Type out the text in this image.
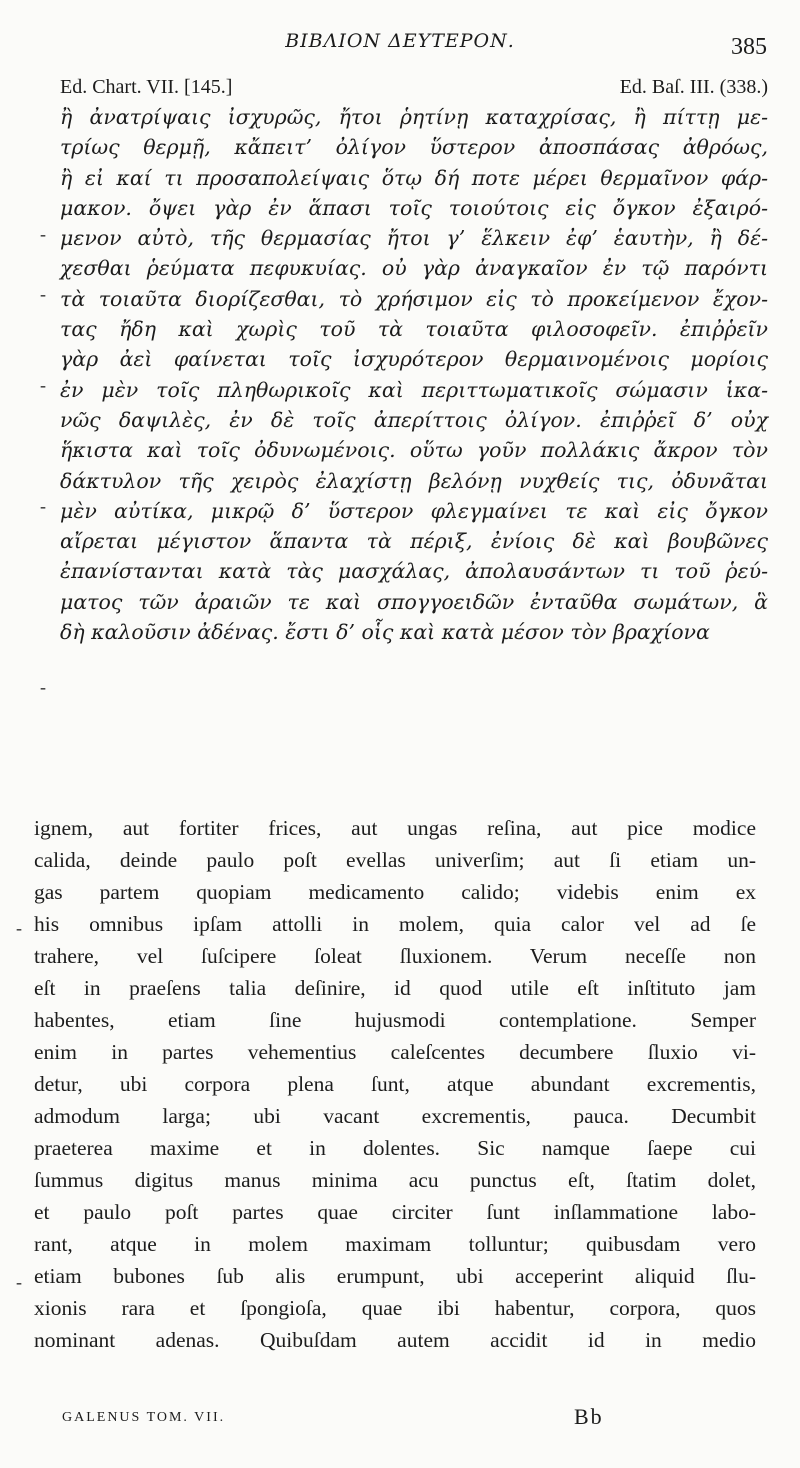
ΒΙΒΛΙΟΝ ΔΕΥΤΕΡΟΝ.	385
Ed. Chart. VII. [145.]	Ed. Baſ. III. (338.)
ἢ ἀνατρίψαις ἰσχυρῶς, ἤτοι ῥητίνῃ καταχρίσας, ἢ πίττῃ με-
τρίως θερμῇ, κἄπειτ’ ὀλίγον ὕστερον ἀποσπάσας ἀθρόως,
ἢ εἰ καί τι προσαπολείψαις ὅτῳ δή ποτε μέρει θερμαῖνον φάρ-
μακον. ὄψει γὰρ ἐν ἅπασι τοῖς τοιούτοις εἰς ὄγκον ἐξαιρό-
μενον αὐτὸ, τῆς θερμασίας ἤτοι γ’ ἕλκειν ἐφ’ ἑαυτὴν, ἢ δέ-
χεσθαι ῥεύματα πεφυκυίας. οὐ γὰρ ἀναγκαῖον ἐν τῷ παρόντι
τὰ τοιαῦτα διορίζεσθαι, τὸ χρήσιμον εἰς τὸ προκείμενον ἔχον-
τας ἤδη καὶ χωρὶς τοῦ τὰ τοιαῦτα φιλοσοφεῖν. ἐπιῤῥεῖν
γὰρ ἀεὶ φαίνεται τοῖς ἰσχυρότερον θερμαινομένοις μορίοις
ἐν μὲν τοῖς πληθωρικοῖς καὶ περιττωματικοῖς σώμασιν ἱκα-
νῶς δαψιλὲς, ἐν δὲ τοῖς ἀπερίττοις ὀλίγον. ἐπιῤῥεῖ δ’ οὐχ
ἥκιστα καὶ τοῖς ὀδυνωμένοις. οὕτω γοῦν πολλάκις ἄκρον τὸν
δάκτυλον τῆς χειρὸς ἐλαχίστῃ βελόνῃ νυχθείς τις, ὀδυνᾶται
μὲν αὐτίκα, μικρῷ δ’ ὕστερον φλεγμαίνει τε καὶ εἰς ὄγκον
αἴρεται μέγιστον ἅπαντα τὰ πέριξ, ἐνίοις δὲ καὶ βουβῶνες
ἐπανίστανται κατὰ τὰς μασχάλας, ἀπολαυσάντων τι τοῦ ῥεύ-
ματος τῶν ἀραιῶν τε καὶ σπογγοειδῶν ἐνταῦθα σωμάτων, ἃ
δὴ καλοῦσιν ἀδένας. ἔστι δ’ οἷς καὶ κατὰ μέσον τὸν βραχίονα
-
-
-
-
-
-
-
ignem, aut fortiter frices, aut ungas reſina, aut pice modice
calida, deinde paulo poſt evellas univerſim; aut ſi etiam un-
gas partem quopiam medicamento calido; videbis enim ex
his omnibus ipſam attolli in molem, quia calor vel ad ſe
trahere, vel ſuſcipere ſoleat ſluxionem. Verum neceſſe non
eſt in praeſens talia deſinire, id quod utile eſt inſtituto jam
habentes, etiam ſine hujusmodi contemplatione. Semper
enim in partes vehementius caleſcentes decumbere ſluxio vi-
detur, ubi corpora plena ſunt, atque abundant excrementis,
admodum larga; ubi vacant excrementis, pauca. Decumbit
praeterea maxime et in dolentes. Sic namque ſaepe cui
ſummus digitus manus minima acu punctus eſt, ſtatim dolet,
et paulo poſt partes quae circiter ſunt inſlammatione labo-
rant, atque in molem maximam tolluntur; quibusdam vero
etiam bubones ſub alis erumpunt, ubi acceperint aliquid ſlu-
xionis rara et ſpongioſa, quae ibi habentur, corpora, quos
nominant adenas. Quibuſdam autem accidit id in medio
GALENUS TOM. VII.	Bb
